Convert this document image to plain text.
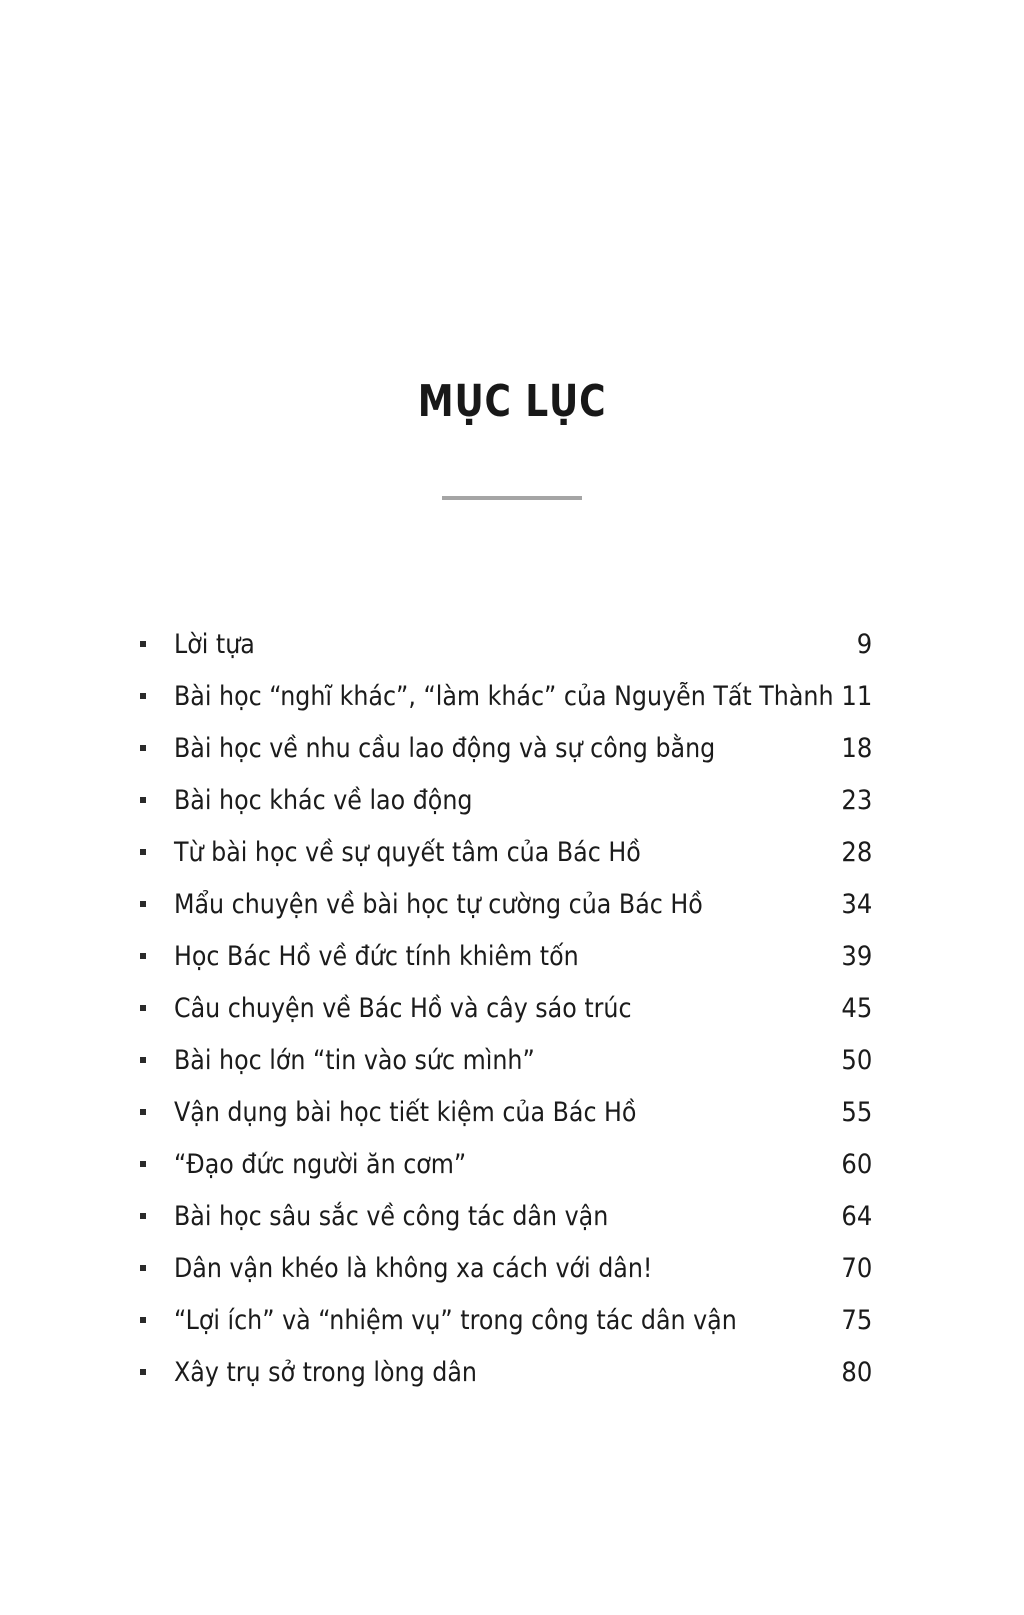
MỤC LỤC
Lời tựa	9
Bài học “nghĩ khác”, “làm khác” của Nguyễn Tất Thành 11
Bài học về nhu cầu lao động và sự công bằng	18
Bài học khác về lao động	23
Từ bài học về sự quyết tâm của Bác Hồ	28
Mẩu chuyện về bài học tự cường của Bác Hồ	34
Học Bác Hồ về đức tính khiêm tốn	39
Câu chuyện về Bác Hồ và cây sáo trúc	45
Bài học lớn “tin vào sức mình”	50
Vận dụng bài học tiết kiệm của Bác Hồ	55
“Đạo đức người ăn cơm”	60
Bài học sâu sắc về công tác dân vận	64
Dân vận khéo là không xa cách với dân!	70
“Lợi ích” và “nhiệm vụ” trong công tác dân vận	75
Xây trụ sở trong lòng dân	80
